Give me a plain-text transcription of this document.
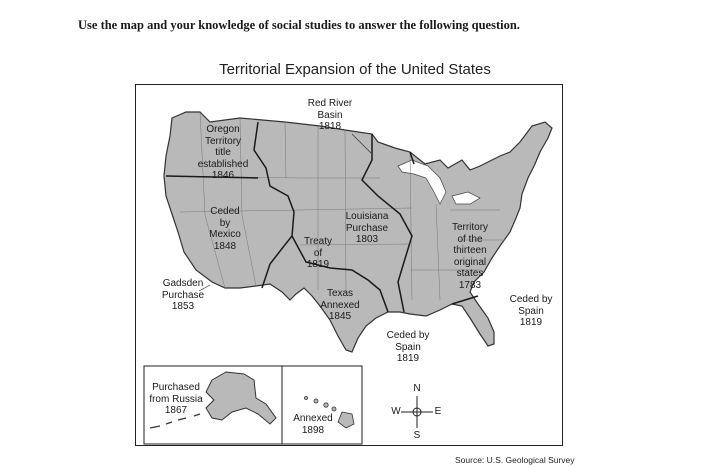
Use the map and your knowledge of social studies to answer the following question.
Territorial Expansion of the United States
Red River
Basin
1818
Oregon
Territory
title
established
1846
Ceded
by
Mexico
1848
Louisiana
Purchase
1803
Treaty
of
1819
Territory
of the
thirteen
original
states
1783
Gadsden
Purchase
1853
Texas
Annexed
1845
Ceded by
Spain
1819
Ceded by
Spain
1819
Purchased
from Russia
1867
Annexed
1898
N
S
W	E
Source: U.S. Geological Survey
